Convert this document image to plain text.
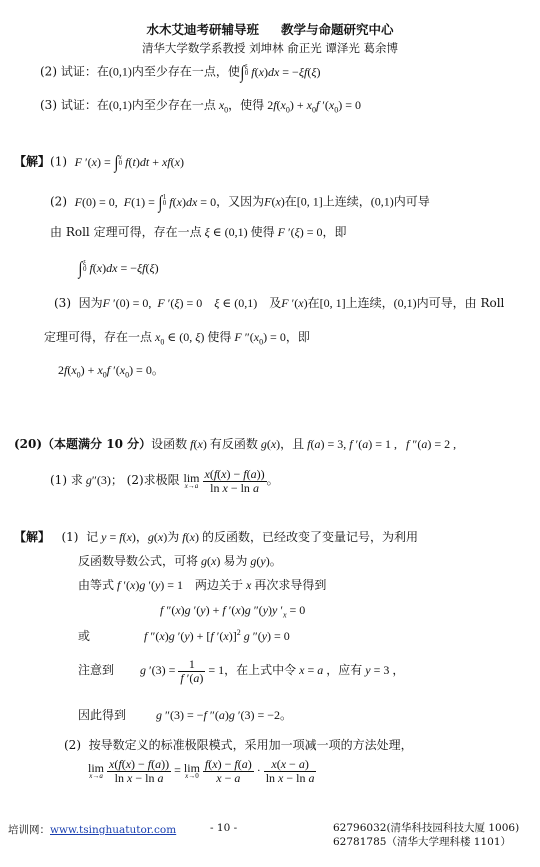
水木艾迪考研辅导班 教学与命题研究中心
清华大学数学系教授 刘坤林 俞正光 谭泽光 葛余博
(2) 试证：在(0,1)内至少存在一点，使∫ξ
0 f(x)dx = −ξf(ξ)
(3) 试证：在(0,1)内至少存在一点 $x_0$，使得 $2f(x_0) + x_0f$ $'(x_0) = 0$
【解】(1) F ′(x) = ∫x
0 f(t)dt + xf(x)
(2) F(0) = 0,  F(1) = ∫1
0 f(x)dx = 0，又因为F(x)在[0, 1]上连续，(0,1)内可导
由 Roll 定理可得，存在一点 ξ ∈ (0,1) 使得 F ′(ξ) = 0，即
∫ξ
0 f(x)dx = −ξf(ξ)
(3) 因为F ′(0) = 0,  F ′(ξ) = 0    ξ ∈ (0,1)    及F ′(x)在[0, 1]上连续，(0,1)内可导，由 Roll
定理可得，存在一点 $x_0$ ∈ (0, ξ) 使得 F $''(x_0) = 0$，即
$2f(x_0) + x_0f$ $'(x_0) = 0$。
(20)（本题满分 10 分）设函数 f(x) 有反函数 g(x)，且 f(a) = 3, f ′(a) = 1 ,   f ″(a) = 2 ,
(1) 求 g″(3)； (2)求极限 lim
x→a
$\frac{x(f(x) - f(a))}{\text{ln x − ln a}}$ 。
【解】 (1) 记 y = f(x)，g(x)为 f(x) 的反函数，已经改变了变量记号，为利用
反函数导数公式，可将 g(x) 易为 g(y)。
由等式 f ′(x)g ′(y) = 1    两边关于 x 再次求导得到
f ″(x)g ′(y) + f ′(x)g ″(y)y $'_x = 0$
或	f ″(x)g ′(y) + [f ′(x)]$^2$ g ″(y) = 0
注意到 g $'(3) = \frac{1}{f '(a)} = 1$，在上式中令 x = a ，应有 y = 3 ，
因此得到	g ″(3) = −f ″(a)g ′(3) = −2。
(2) 按导数定义的标准极限模式，采用加一项减一项的方法处理，
lim
x→a
$\frac{x(f(x) - f(a))}{\text{ln x − ln a}} = \lim$
x→0
$\frac{f(x) - f(a)}{x - a} \cdot \frac{x(x - a)}{\text{ln x − ln a}}$
培训网：www.tsinghuatutor.com	- 10 -	62796032(清华科技园科技大厦 1006)
62781785（清华大学理科楼 1101）
